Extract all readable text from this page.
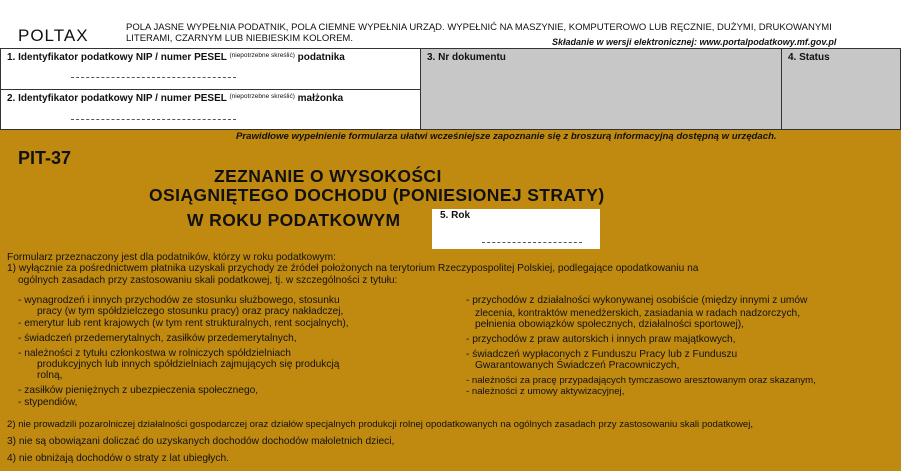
POLTAX	POLA JASNE WYPEŁNIA PODATNIK, POLA CIEMNE WYPEŁNIA URZĄD. WYPEŁNIĆ NA MASZYNIE, KOMPUTEROWO LUB RĘCZNIE, DUŻYMI, DRUKOWANYMI
LITERAMI, CZARNYM LUB NIEBIESKIM KOLOREM.	Składanie w wersji elektronicznej: www.portalpodatkowy.mf.gov.pl
1. Identyfikator podatkowy NIP / numer PESEL $^{(niepotrzebne skreślić)}$ podatnika
2. Identyfikator podatkowy NIP / numer PESEL $^{(niepotrzebne skreślić)}$ małżonka
3. Nr dokumentu	4. Status
Prawidłowe wypełnienie formularza ułatwi wcześniejsze zapoznanie się z broszurą informacyjną dostępną w urzędach.
PIT-37
ZEZNANIE O WYSOKOŚCI
OSIĄGNIĘTEGO DOCHODU (PONIESIONEJ STRATY)
W ROKU PODATKOWYM	5. Rok
Formularz przeznaczony jest dla podatników, którzy w roku podatkowym:
1) wyłącznie za pośrednictwem płatnika uzyskali przychody ze źródeł położonych na terytorium Rzeczypospolitej Polskiej, podlegające opodatkowaniu na
ogólnych zasadach przy zastosowaniu skali podatkowej, tj. w szczególności z tytułu:
- wynagrodzeń i innych przychodów ze stosunku służbowego, stosunku
pracy (w tym spółdzielczego stosunku pracy) oraz pracy nakładczej,
- emerytur lub rent krajowych (w tym rent strukturalnych, rent socjalnych),
- świadczeń przedemerytalnych, zasiłków przedemerytalnych,
- należności z tytułu członkostwa w rolniczych spółdzielniach
produkcyjnych lub innych spółdzielniach zajmujących się produkcją
rolną,
- zasiłków pieniężnych z ubezpieczenia społecznego,
- stypendiów,
- przychodów z działalności wykonywanej osobiście (między innymi z umów
zlecenia, kontraktów menedżerskich, zasiadania w radach nadzorczych,
pełnienia obowiązków społecznych, działalności sportowej),
- przychodów z praw autorskich i innych praw majątkowych,
- świadczeń wypłaconych z Funduszu Pracy lub z Funduszu
Gwarantowanych Świadczeń Pracowniczych,
- należności za pracę przypadających tymczasowo aresztowanym oraz skazanym,
- należności z umowy aktywizacyjnej,
2) nie prowadzili pozarolniczej działalności gospodarczej oraz działów specjalnych produkcji rolnej opodatkowanych na ogólnych zasadach przy zastosowaniu skali podatkowej,
3) nie są obowiązani doliczać do uzyskanych dochodów dochodów małoletnich dzieci,
4) nie obniżają dochodów o straty z lat ubiegłych.
